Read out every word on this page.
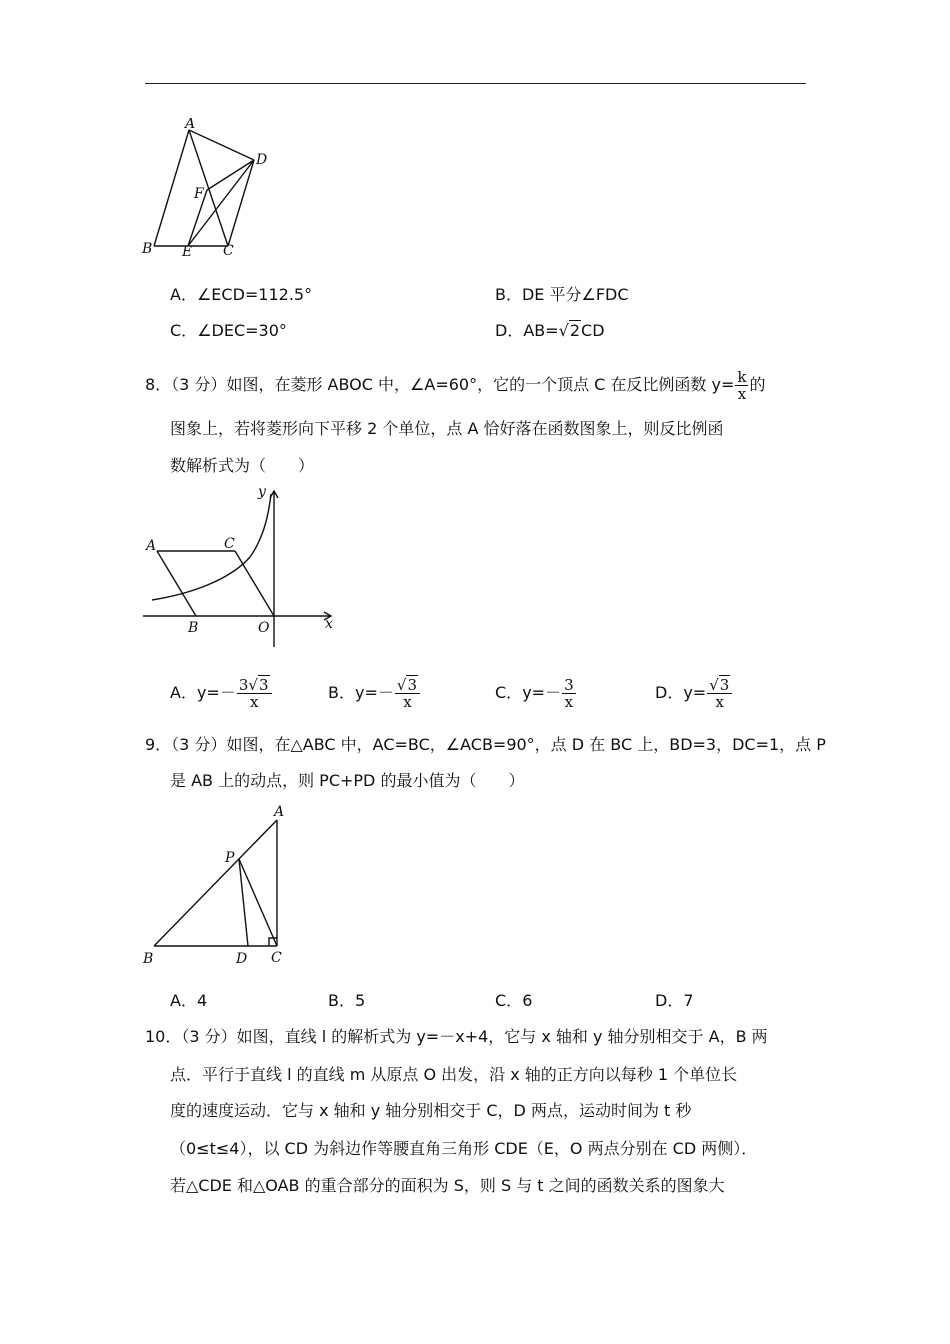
A
D
F
B E C
A．∠ECD=112.5°	B．DE 平分∠FDC
C．∠DEC=30°	D．AB=√2CD
8．（3 分）如图，在菱形 ABOC 中，∠A=60°，它的一个顶点 C 在反比例函数 $y= \frac{k}{x}$ 的
图象上，若将菱形向下平移 2 个单位，点 A 恰好落在函数图象上，则反比例函
数解析式为（　　）
y
A	C
B	O	x
A．$y=- \frac{3√3}{x}$	B．$y=- \frac{√3}{x}$	C．$y=- \frac{3}{x}$	D．$y= \frac{√3}{x}$
9．（3 分）如图，在△ABC 中，AC=BC，∠ACB=90°，点 D 在 BC 上，BD=3，DC=1，点 P
是 AB 上的动点，则 PC+PD 的最小值为（　　）
A
P
B	D C
A．4	B．5	C．6	D．7
10．（3 分）如图，直线 l 的解析式为 y=－x+4，它与 x 轴和 y 轴分别相交于 A，B 两
点．平行于直线 l 的直线 m 从原点 O 出发，沿 x 轴的正方向以每秒 1 个单位长
度的速度运动．它与 x 轴和 y 轴分别相交于 C，D 两点，运动时间为 t 秒
（0≤t≤4），以 CD 为斜边作等腰直角三角形 CDE（E，O 两点分别在 CD 两侧）．
若△CDE 和△OAB 的重合部分的面积为 S，则 S 与 t 之间的函数关系的图象大
